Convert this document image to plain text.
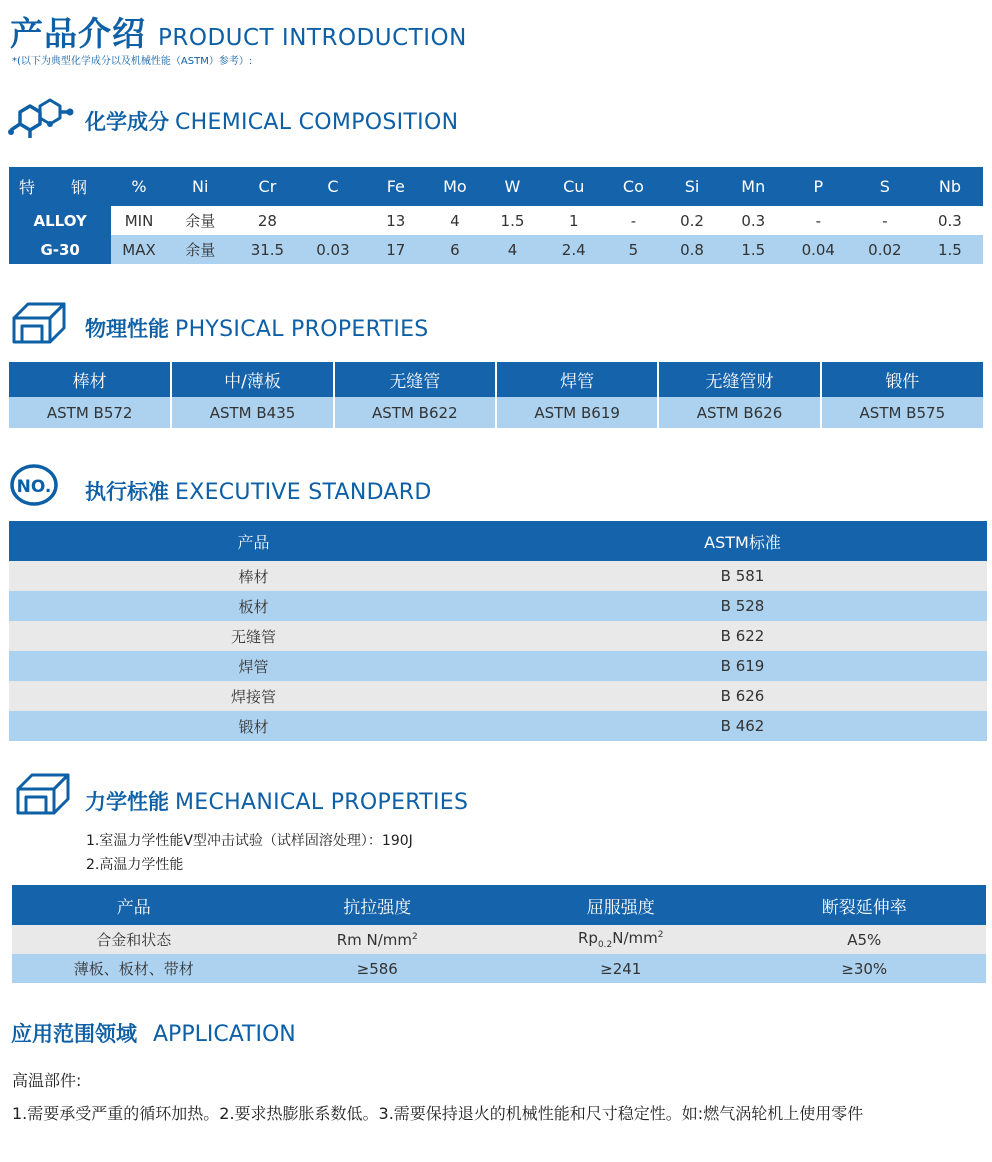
产品介绍 PRODUCT INTRODUCTION
*(以下为典型化学成分以及机械性能（ASTM）参考）:
化学成分 CHEMICAL COMPOSITION
特 钢	%	Ni	Cr	C	Fe	Mo	W	Cu	Co	Si	Mn	P	S	Nb
ALLOY	MIN	余量	28		13	4	1.5	1	-	0.2	0.3	-	-	0.3
G-30	MAX	余量	31.5	0.03	17	6	4	2.4	5	0.8	1.5	0.04	0.02	1.5
物理性能 PHYSICAL PROPERTIES
棒材	中/薄板	无缝管	焊管	无缝管财	锻件
ASTM B572	ASTM B435	ASTM B622	ASTM B619	ASTM B626	ASTM B575
NO. 执行标准 EXECUTIVE STANDARD
产品	ASTM标准
棒材	B 581
板材	B 528
无缝管	B 622
焊管	B 619
焊接管	B 626
锻材	B 462
力学性能 MECHANICAL PROPERTIES
1.室温力学性能V型冲击试验（试样固溶处理）：190J
2.高温力学性能
产品	抗拉强度	屈服强度	断裂延伸率
合金和状态	Rm $N/mm^2$	$Rp_{0.2}N/mm^2$	A5%
薄板、板材、带材	≥586	≥241	≥30%
应用范围领域 APPLICATION
高温部件:
1.需要承受严重的循环加热。2.要求热膨胀系数低。3.需要保持退火的机械性能和尺寸稳定性。如:燃气涡轮机上使用零件
